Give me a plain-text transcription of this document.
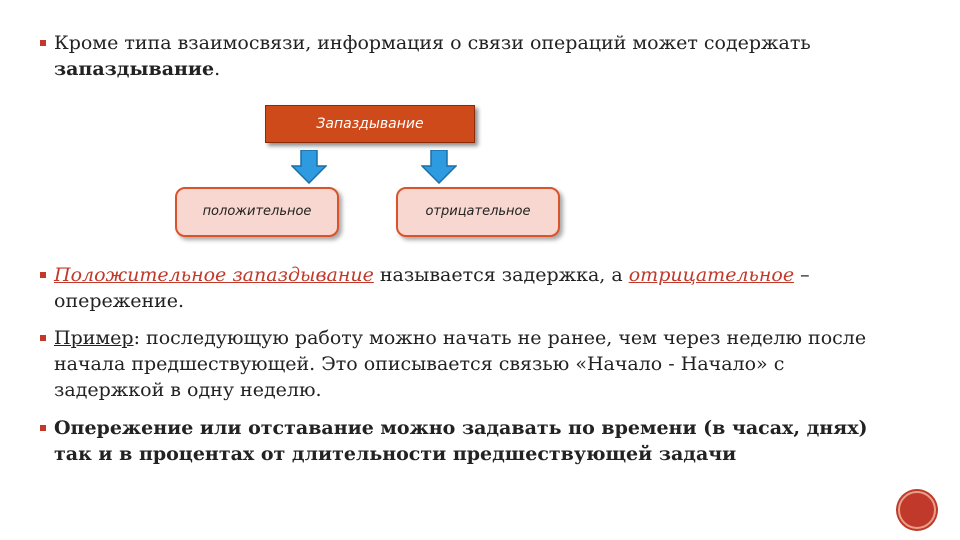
Кроме типа взаимосвязи, информация о связи операций может содержать запаздывание.
Запаздывание
положительное	отрицательное
Положительное запаздывание называется задержка, а отрицательное – опережение.
Пример: последующую работу можно начать не ранее, чем через неделю после начала предшествующей. Это описывается связью «Начало - Начало» с задержкой в одну неделю.
Опережение или отставание можно задавать по времени (в часах, днях) так и в процентах от длительности предшествующей задачи
